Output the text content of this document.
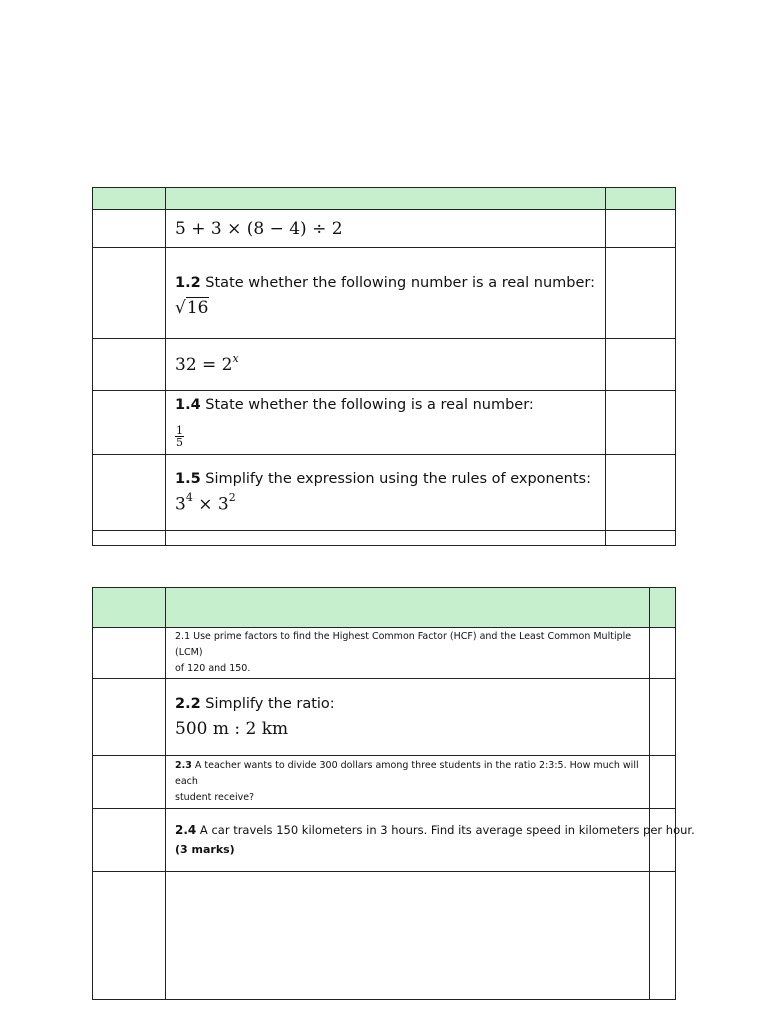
	5 + 3 × (8 − 4) ÷ 2	

	1.2 State whether the following number is a real number:
√16	

	$32 = 2^x$	

	1.4 State whether the following is a real number:
$\frac{1}{5}$

	1.5 Simplify the expression using the rules of exponents:
$3^4 \times 3^2$

	2.1 Use prime factors to find the Highest Common Factor (HCF) and the Least Common Multiple (LCM)
of 120 and 150.	

	2.2 Simplify the ratio:
500 m : 2 km	

	2.3 A teacher wants to divide 300 dollars among three students in the ratio 2:3:5. How much will each
student receive?	

	2.4 A car travels 150 kilometers in 3 hours. Find its average speed in kilometers per hour.
(3 marks)	
